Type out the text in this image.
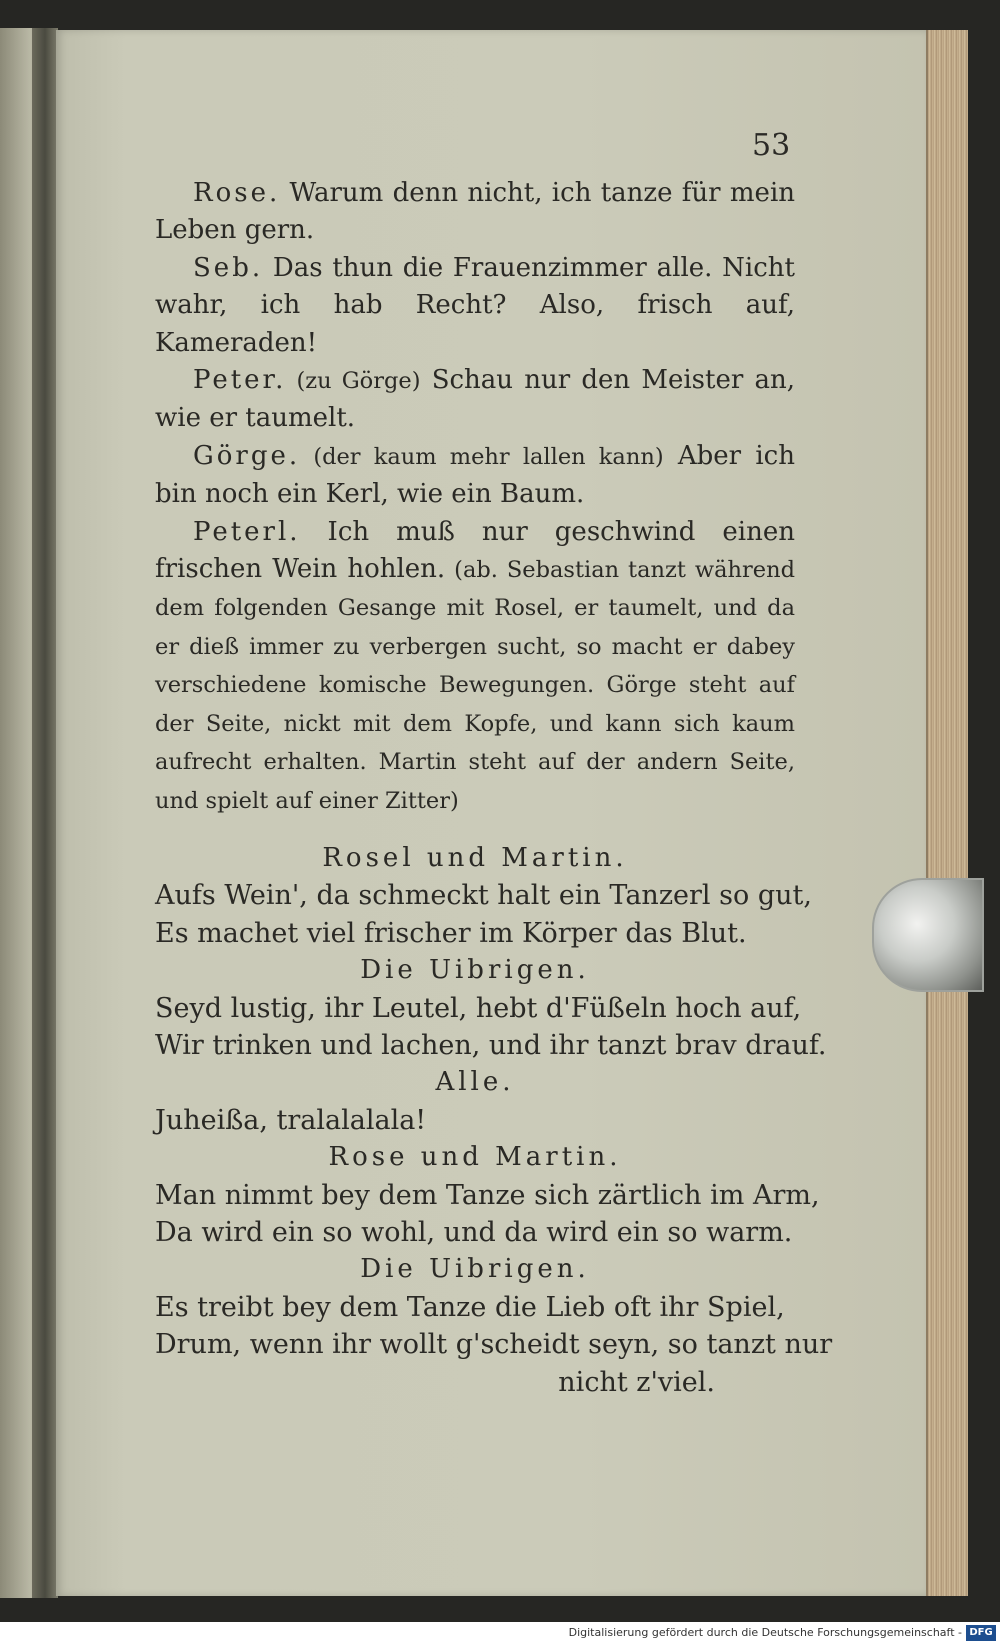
53

Rose. Warum denn nicht, ich tanze für mein Leben gern.

Seb. Das thun die Frauenzimmer alle. Nicht wahr, ich hab Recht? Also, frisch auf, Kameraden!

Peter. (zu Görge) Schau nur den Meister an, wie er taumelt.

Görge. (der kaum mehr lallen kann) Aber ich bin noch ein Kerl, wie ein Baum.

Peterl. Ich muß nur geschwind einen frischen Wein hohlen. (ab. Sebastian tanzt während dem folgenden Gesange mit Rosel, er taumelt, und da er dieß immer zu verbergen sucht, so macht er dabey verschiedene komische Bewegungen. Görge steht auf der Seite, nickt mit dem Kopfe, und kann sich kaum aufrecht erhalten. Martin steht auf der andern Seite, und spielt auf einer Zitter)

Rosel und Martin.

Aufs Wein', da schmeckt halt ein Tanzerl so gut,

Es machet viel frischer im Körper das Blut.

Die Uibrigen.

Seyd lustig, ihr Leutel, hebt d'Füßeln hoch auf,

Wir trinken und lachen, und ihr tanzt brav drauf.

Alle.

Juheißa, tralalalala!

Rose und Martin.

Man nimmt bey dem Tanze sich zärtlich im Arm,

Da wird ein so wohl, und da wird ein so warm.

Die Uibrigen.

Es treibt bey dem Tanze die Lieb oft ihr Spiel,

Drum, wenn ihr wollt g'scheidt seyn, so tanzt nur

nicht z'viel.

Digitalisierung gefördert durch die Deutsche Forschungsgemeinschaft - DFG
